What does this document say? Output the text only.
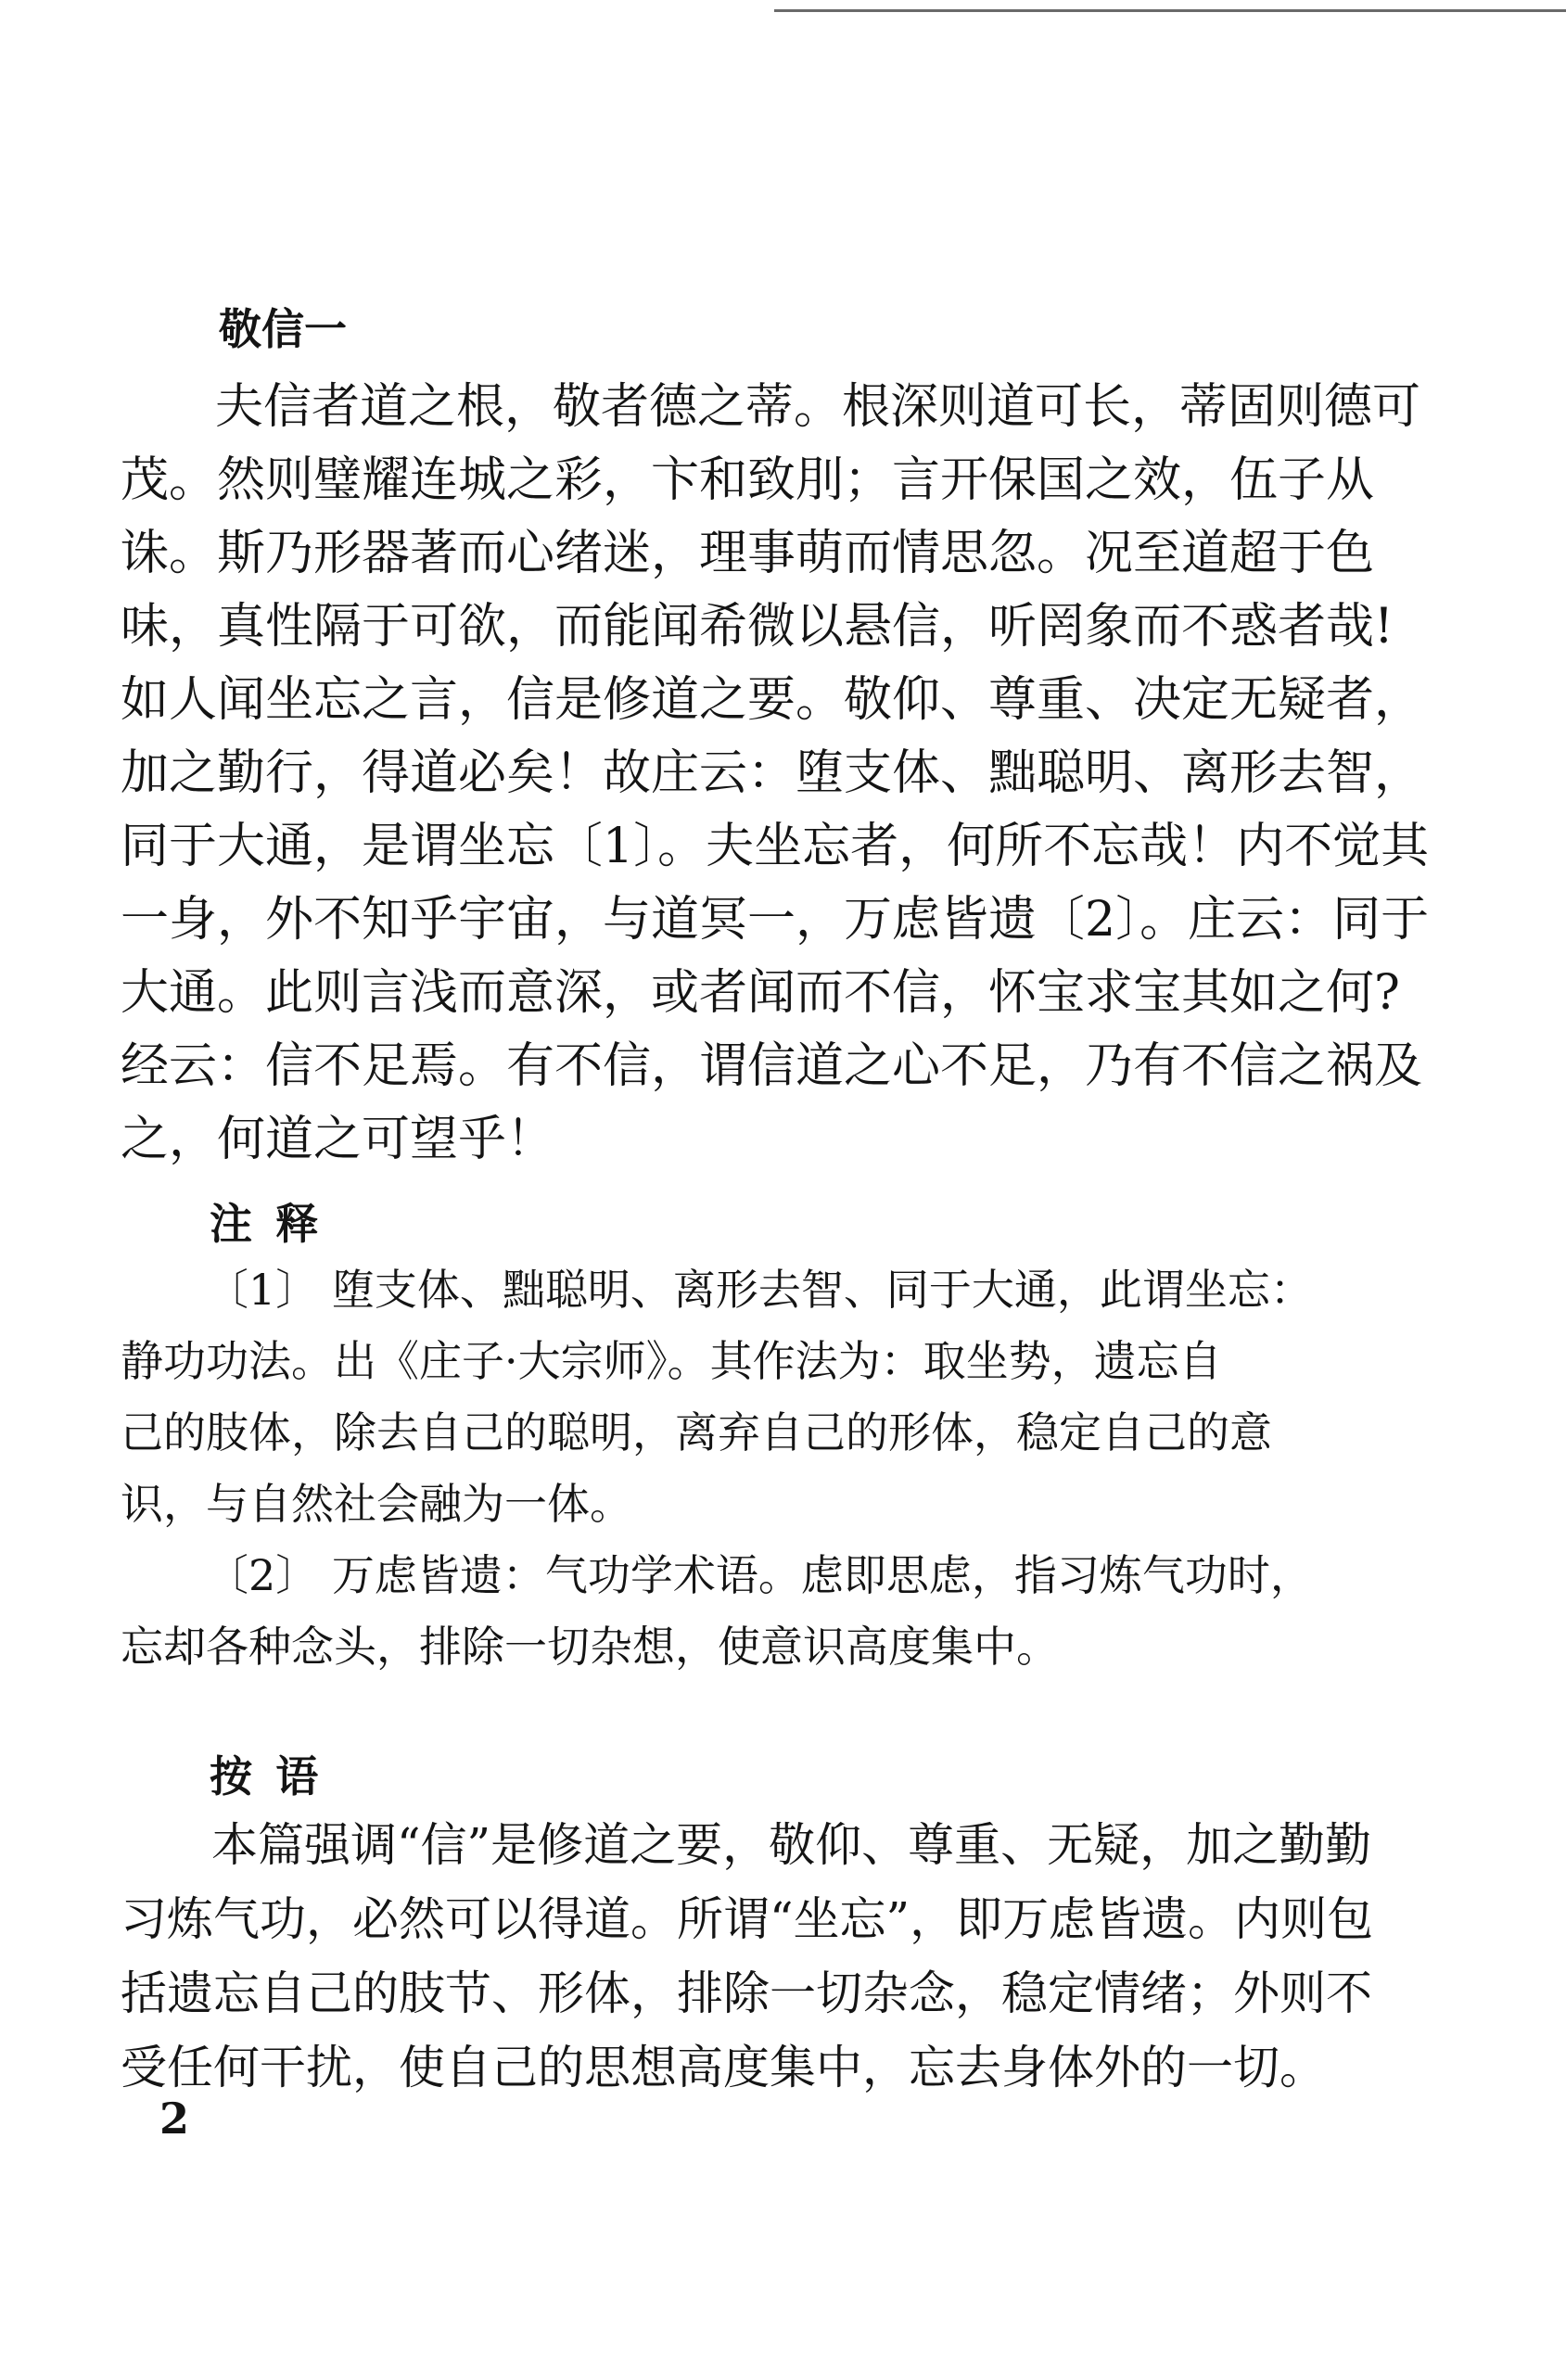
敬信一
夫信者道之根，敬者德之蒂。根深则道可长，蒂固则德可
茂。然则璧耀连城之彩，卞和致刖；言开保国之效，伍子从
诛。斯乃形器著而心绪迷，理事萌而情思忽。况至道超于色
味，真性隔于可欲，而能闻希微以悬信，听罔象而不惑者哉!
如人闻坐忘之言，信是修道之要。敬仰、尊重、决定无疑者，
加之勤行，得道必矣！故庄云：堕支体、黜聪明、离形去智，
同于大通，是谓坐忘〔1〕。夫坐忘者，何所不忘哉！内不觉其
一身，外不知乎宇宙，与道冥一，万虑皆遗〔2〕。庄云：同于
大通。此则言浅而意深，或者闻而不信，怀宝求宝其如之何?
经云：信不足焉。有不信，谓信道之心不足，乃有不信之祸及
之，何道之可望乎！
注释
〔1〕 堕支体、黜聪明、离形去智、同于大通，此谓坐忘：
静功功法。出《庄子·大宗师》。其作法为：取坐势，遗忘自
己的肢体，除去自己的聪明，离弃自己的形体，稳定自己的意
识，与自然社会融为一体。
〔2〕 万虑皆遗：气功学术语。虑即思虑，指习炼气功时，
忘却各种念头，排除一切杂想，使意识高度集中。
按语
本篇强调“信”是修道之要，敬仰、尊重、无疑，加之勤勤
习炼气功，必然可以得道。所谓“坐忘”，即万虑皆遗。内则包
括遗忘自己的肢节、形体，排除一切杂念，稳定情绪；外则不
受任何干扰，使自己的思想高度集中，忘去身体外的一切。
2
